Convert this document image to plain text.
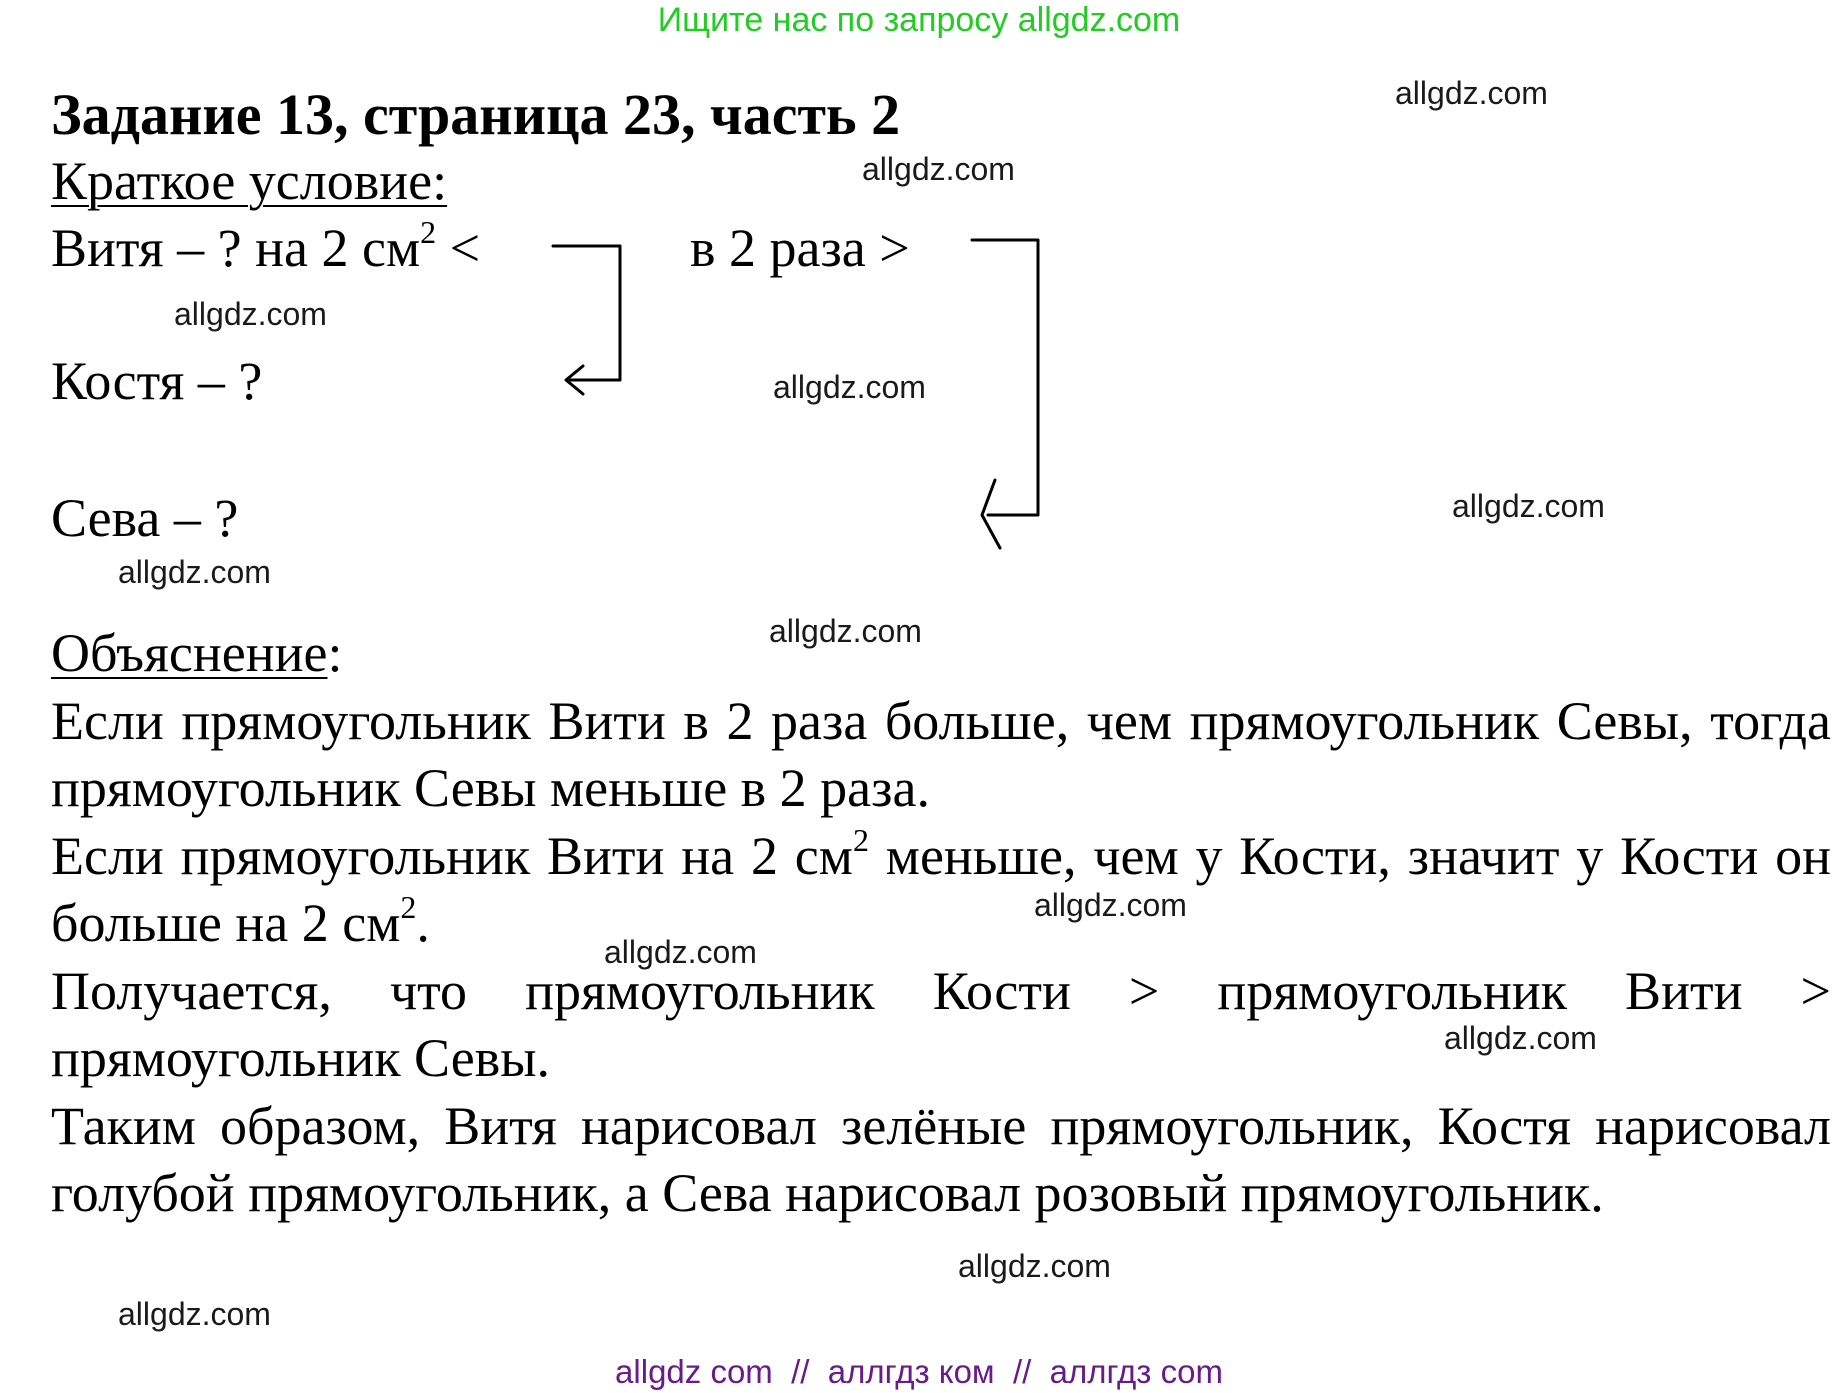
Ищите нас по запросу allgdz.com
Задание 13, страница 23, часть 2
Краткое условие:
Витя – ? на 2 $см^2$ <	в 2 раза >
Костя – ?
Сева – ?
Объяснение:
Если прямоугольник Вити в 2 раза больше, чем прямоугольник Севы, тогда прямоугольник Севы меньше в 2 раза.
Если прямоугольник Вити на 2 $см^2$ меньше, чем у Кости, значит у Кости он больше на 2 $см^2$.
Получается, что прямоугольник Кости > прямоугольник Вити > прямоугольник Севы.
Таким образом, Витя нарисовал зелёные прямоугольник, Костя нарисовал голубой прямоугольник, а Сева нарисовал розовый прямоугольник.
allgdz.com
allgdz.com
allgdz.com
allgdz.com
allgdz.com
allgdz.com
allgdz.com
allgdz.com
allgdz.com
allgdz.com
allgdz.com
allgdz.com
allgdz com  //  аллгдз ком  //  аллгдз com
